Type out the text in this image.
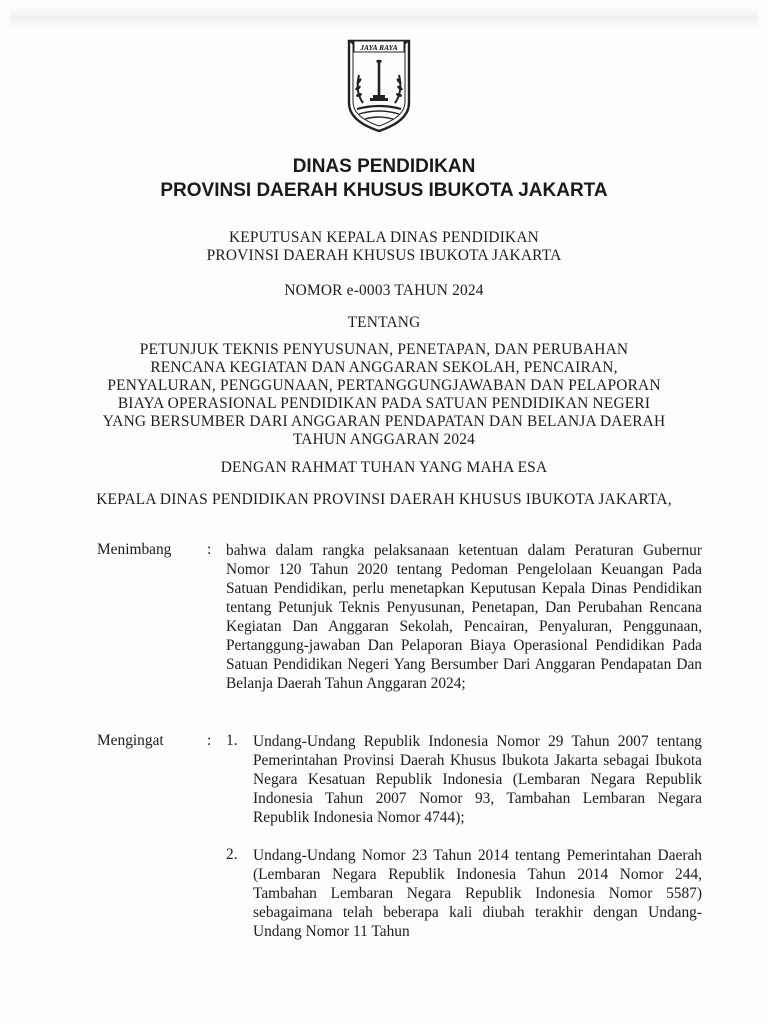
JAYA RAYA
DINAS PENDIDIKAN
PROVINSI DAERAH KHUSUS IBUKOTA JAKARTA
KEPUTUSAN KEPALA DINAS PENDIDIKAN
PROVINSI DAERAH KHUSUS IBUKOTA JAKARTA
NOMOR e-0003 TAHUN 2024
TENTANG
PETUNJUK TEKNIS PENYUSUNAN, PENETAPAN, DAN PERUBAHAN
RENCANA KEGIATAN DAN ANGGARAN SEKOLAH, PENCAIRAN,
PENYALURAN, PENGGUNAAN, PERTANGGUNGJAWABAN DAN PELAPORAN
BIAYA OPERASIONAL PENDIDIKAN PADA SATUAN PENDIDIKAN NEGERI
YANG BERSUMBER DARI ANGGARAN PENDAPATAN DAN BELANJA DAERAH
TAHUN ANGGARAN 2024
DENGAN RAHMAT TUHAN YANG MAHA ESA
KEPALA DINAS PENDIDIKAN PROVINSI DAERAH KHUSUS IBUKOTA JAKARTA,
Menimbang : bahwa dalam rangka pelaksanaan ketentuan dalam Peraturan Gubernur Nomor 120 Tahun 2020 tentang Pedoman Pengelolaan Keuangan Pada Satuan Pendidikan, perlu menetapkan Keputusan Kepala Dinas Pendidikan tentang Petunjuk Teknis Penyusunan, Penetapan, Dan Perubahan Rencana Kegiatan Dan Anggaran Sekolah, Pencairan, Penyaluran, Penggunaan, Pertanggung-jawaban Dan Pelaporan Biaya Operasional Pendidikan Pada Satuan Pendidikan Negeri Yang Bersumber Dari Anggaran Pendapatan Dan Belanja Daerah Tahun Anggaran 2024;
Mengingat	: 1. Undang-Undang Republik Indonesia Nomor 29 Tahun 2007 tentang Pemerintahan Provinsi Daerah Khusus Ibukota Jakarta sebagai Ibukota Negara Kesatuan Republik Indonesia (Lembaran Negara Republik Indonesia Tahun 2007 Nomor 93, Tambahan Lembaran Negara Republik Indonesia Nomor 4744);
2. Undang-Undang Nomor 23 Tahun 2014 tentang Pemerintahan Daerah (Lembaran Negara Republik Indonesia Tahun 2014 Nomor 244, Tambahan Lembaran Negara Republik Indonesia Nomor 5587) sebagaimana telah beberapa kali diubah terakhir dengan Undang-Undang Nomor 11 Tahun
